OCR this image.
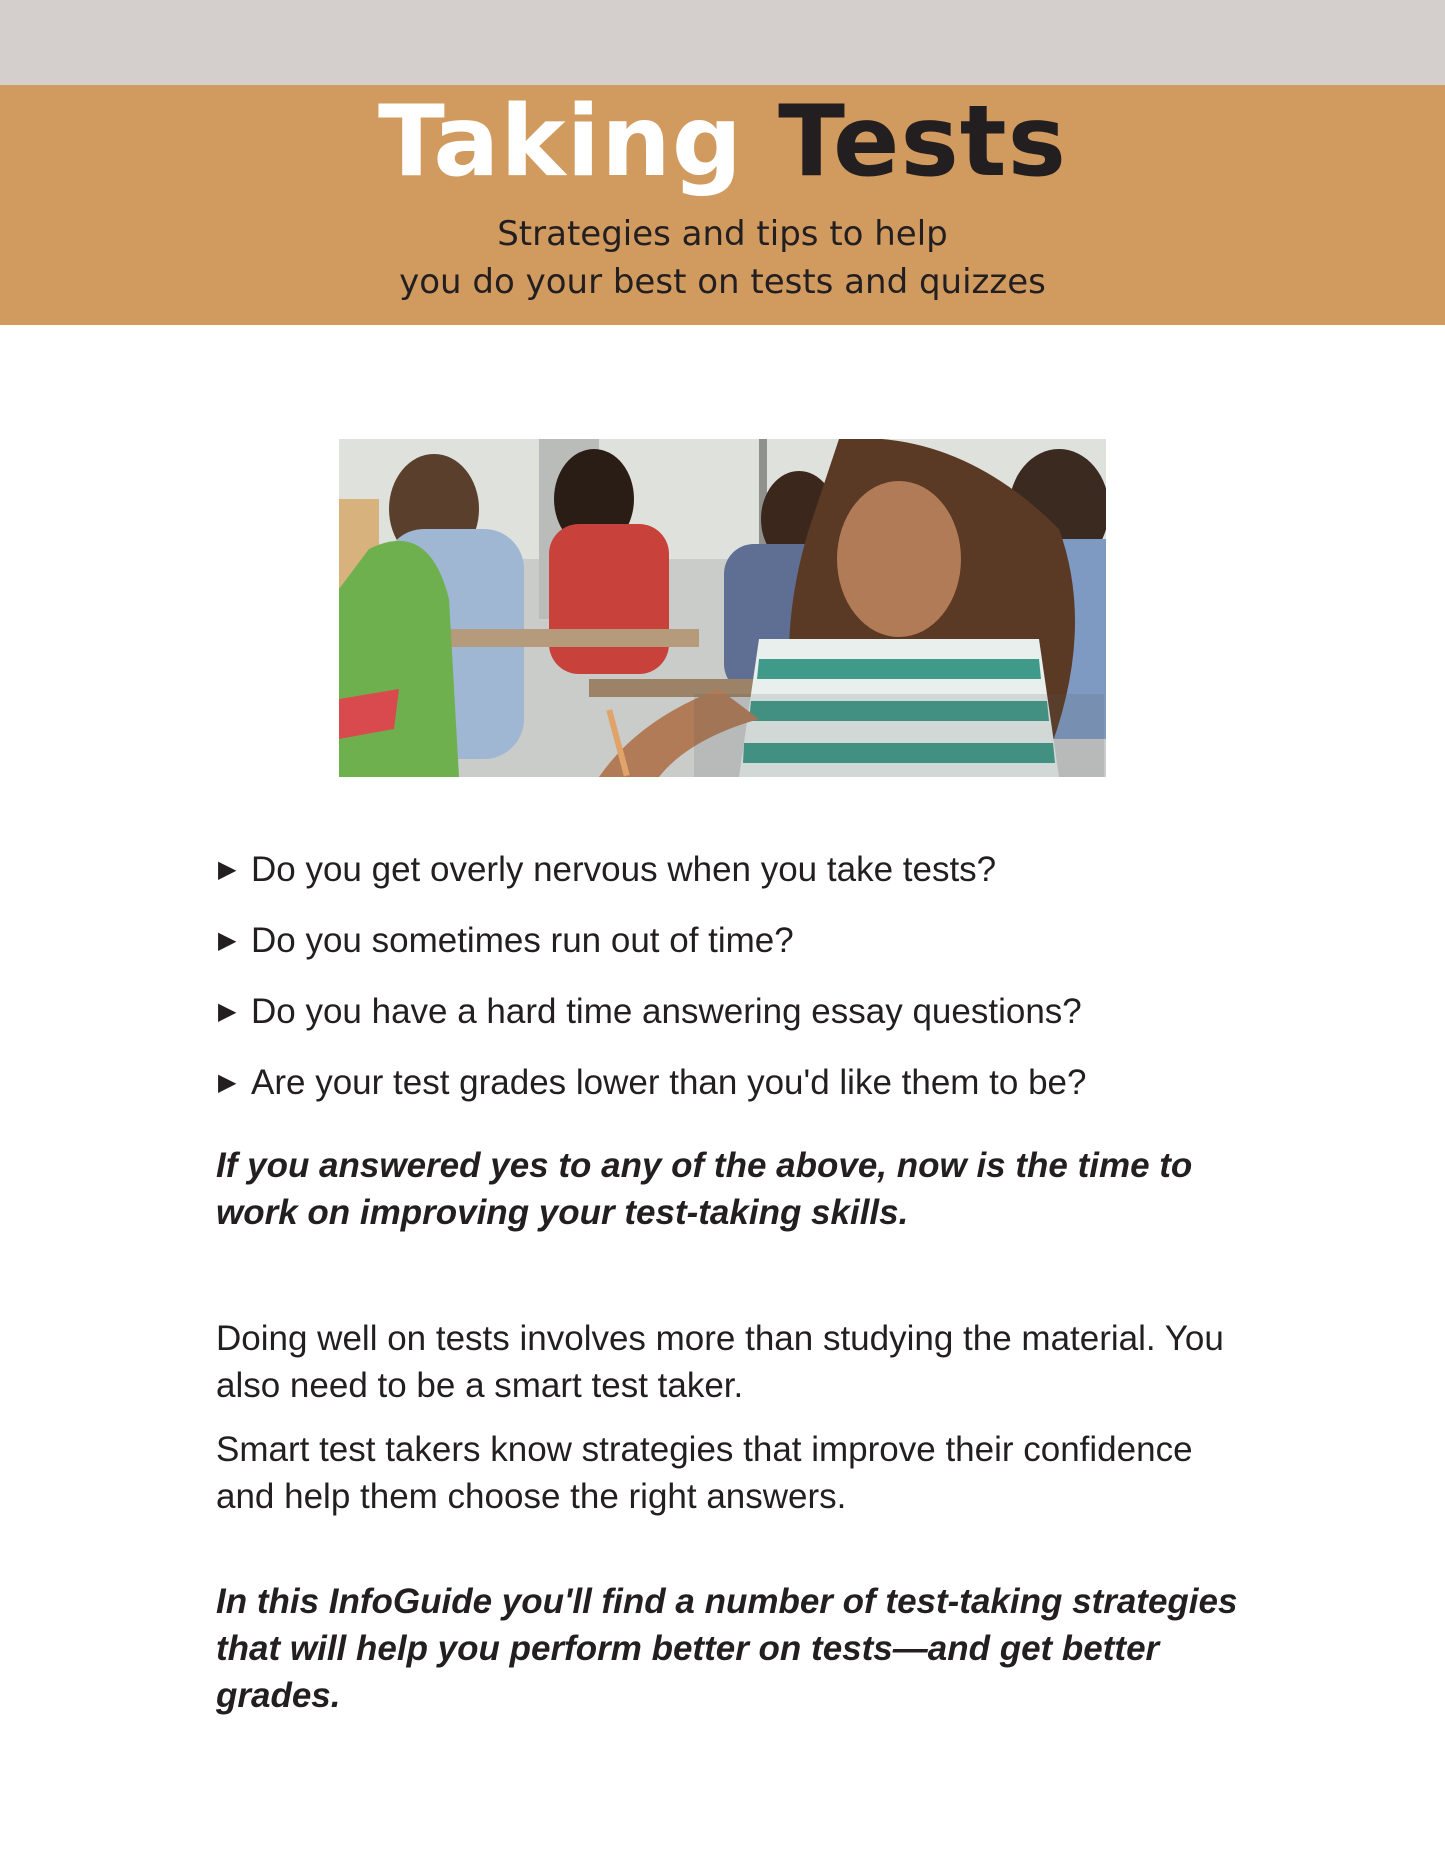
Taking Tests
Strategies and tips to help
you do your best on tests and quizzes
▶ Do you get overly nervous when you take tests?
▶ Do you sometimes run out of time?
▶ Do you have a hard time answering essay questions?
▶ Are your test grades lower than you'd like them to be?
If you answered yes to any of the above, now is the time to work on improving your test-taking skills.
Doing well on tests involves more than studying the material. You also need to be a smart test taker.
Smart test takers know strategies that improve their confidence and help them choose the right answers.
In this InfoGuide you'll find a number of test-taking strategies that will help you perform better on tests—and get better grades.
